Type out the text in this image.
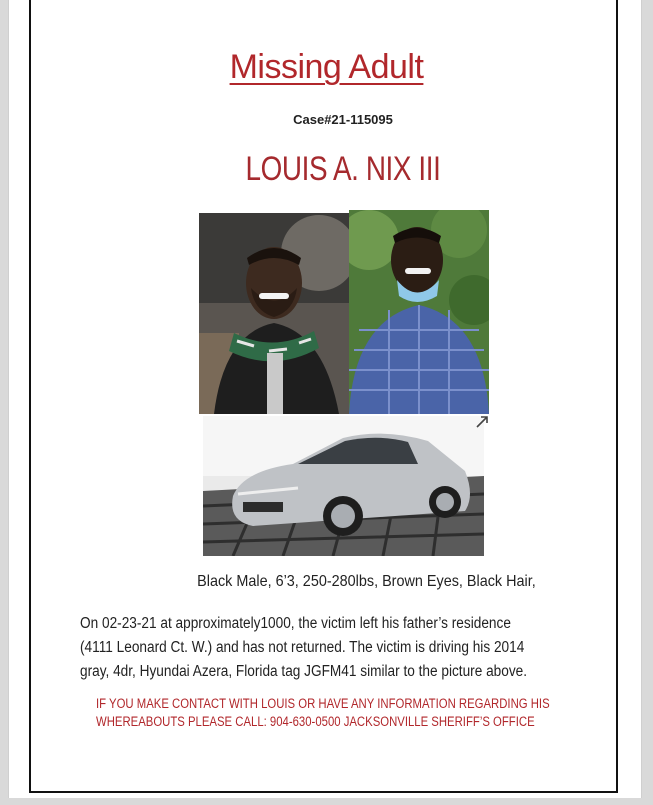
Missing Adult
Case#21-115095
LOUIS A. NIX III
Black Male, 6’3, 250-280lbs, Brown Eyes, Black Hair,
On 02-23-21 at approximately1000, the victim left his father’s residence
(4111 Leonard Ct. W.) and has not returned. The victim is driving his 2014
gray, 4dr, Hyundai Azera, Florida tag JGFM41 similar to the picture above.
IF YOU MAKE CONTACT WITH LOUIS OR HAVE ANY INFORMATION REGARDING HIS
WHEREABOUTS PLEASE CALL: 904-630-0500 JACKSONVILLE SHERIFF’S OFFICE
